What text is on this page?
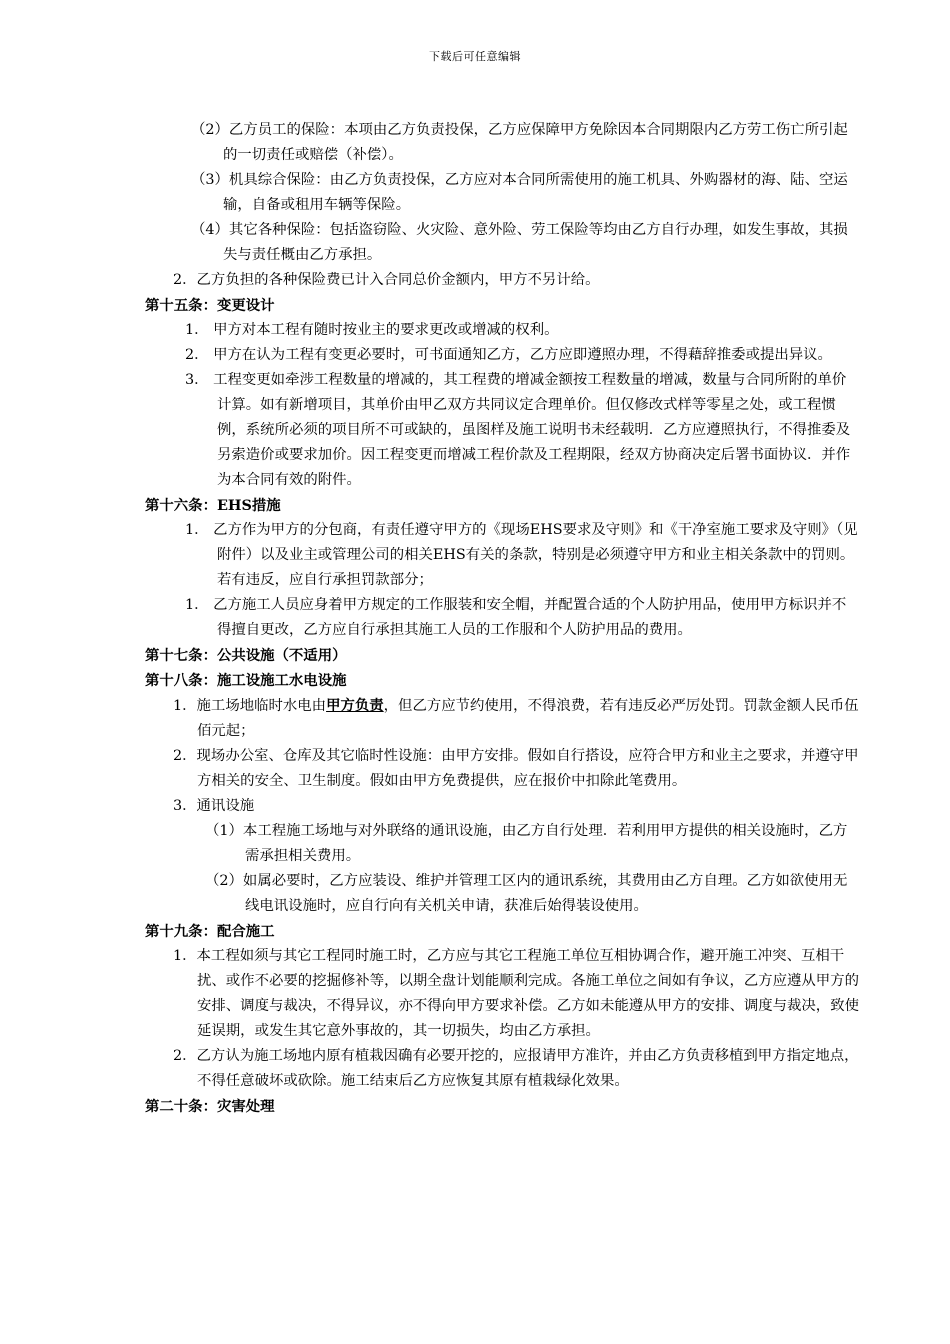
下载后可任意编辑

（2）乙方员工的保险：本项由乙方负责投保，乙方应保障甲方免除因本合同期限内乙方劳工伤亡所引起的一切责任或赔偿（补偿）。

（3）机具综合保险：由乙方负责投保，乙方应对本合同所需使用的施工机具、外购器材的海、陆、空运输，自备或租用车辆等保险。

（4）其它各种保险：包括盗窃险、火灾险、意外险、劳工保险等均由乙方自行办理，如发生事故，其损失与责任概由乙方承担。

2．乙方负担的各种保险费已计入合同总价金额内，甲方不另计给。

第十五条：变更设计

1． 甲方对本工程有随时按业主的要求更改或增减的权利。

2． 甲方在认为工程有变更必要时，可书面通知乙方，乙方应即遵照办理，不得藉辞推委或提出异议。

3． 工程变更如牵涉工程数量的增减的，其工程费的增减金额按工程数量的增减，数量与合同所附的单价计算。如有新增项目，其单价由甲乙双方共同议定合理单价。但仅修改式样等零星之处，或工程惯例，系统所必须的项目所不可或缺的，虽图样及施工说明书未经载明．乙方应遵照执行，不得推委及另索造价或要求加价。因工程变更而增减工程价款及工程期限，经双方协商决定后署书面协议．并作为本合同有效的附件。

第十六条：EHS措施

1． 乙方作为甲方的分包商，有责任遵守甲方的《现场EHS要求及守则》和《干净室施工要求及守则》（见附件）以及业主或管理公司的相关EHS有关的条款，特别是必须遵守甲方和业主相关条款中的罚则。若有违反，应自行承担罚款部分；

1． 乙方施工人员应身着甲方规定的工作服装和安全帽，并配置合适的个人防护用品，使用甲方标识并不得擅自更改，乙方应自行承担其施工人员的工作服和个人防护用品的费用。

第十七条：公共设施（不适用）

第十八条：施工设施工水电设施

1．施工场地临时水电由甲方负责，但乙方应节约使用，不得浪费，若有违反必严厉处罚。罚款金额人民币伍佰元起；

2．现场办公室、仓库及其它临时性设施：由甲方安排。假如自行搭设，应符合甲方和业主之要求，并遵守甲方相关的安全、卫生制度。假如由甲方免费提供，应在报价中扣除此笔费用。

3．通讯设施

（1）本工程施工场地与对外联络的通讯设施，由乙方自行处理．若利用甲方提供的相关设施时，乙方需承担相关费用。

（2）如属必要时，乙方应装设、维护并管理工区内的通讯系统，其费用由乙方自理。乙方如欲使用无线电讯设施时，应自行向有关机关申请，获准后始得装设使用。

第十九条：配合施工

1．本工程如须与其它工程同时施工时，乙方应与其它工程施工单位互相协调合作，避开施工冲突、互相干扰、或作不必要的挖掘修补等，以期全盘计划能顺利完成。各施工单位之间如有争议，乙方应遵从甲方的安排、调度与裁决，不得异议，亦不得向甲方要求补偿。乙方如未能遵从甲方的安排、调度与裁决，致使延误期，或发生其它意外事故的，其一切损失，均由乙方承担。

2．乙方认为施工场地内原有植栽因确有必要开挖的，应报请甲方准许，并由乙方负责移植到甲方指定地点，不得任意破坏或砍除。施工结束后乙方应恢复其原有植栽绿化效果。

第二十条：灾害处理
